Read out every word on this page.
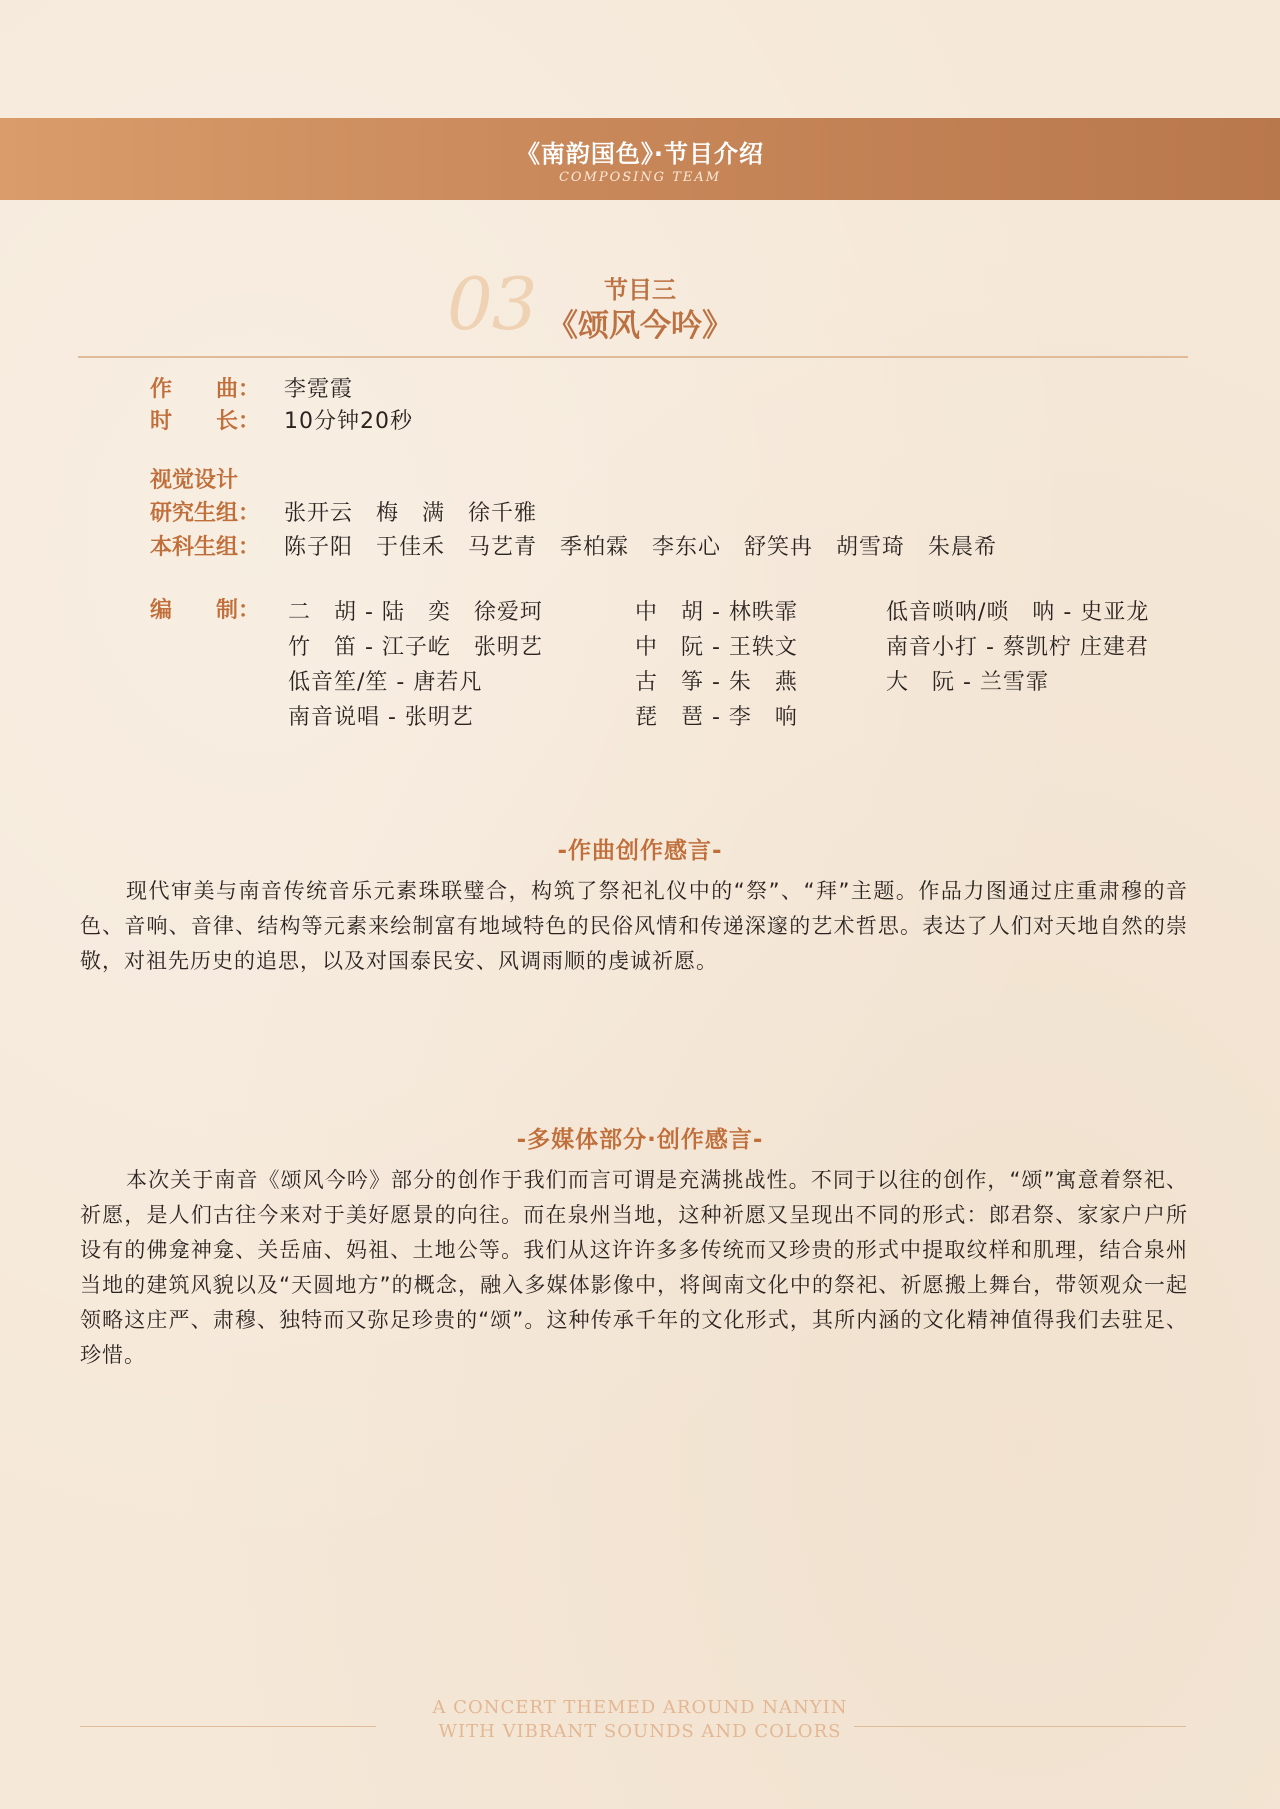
《南韵国色》·节目介绍
COMPOSING TEAM
03	节目三
《颂风今吟》
作　　曲： 李霓霞
时　　长： 10分钟20秒
视觉设计
研究生组： 张开云　梅　满　徐千雅
本科生组： 陈子阳　于佳禾　马艺青　季柏霖　李东心　舒笑冉　胡雪琦　朱晨希
编　　制：	二　胡 - 陆　奕　徐爱珂
竹　笛 - 江子屹　张明艺
低音笙/笙 - 唐若凡
南音说唱 - 张明艺
中　胡 - 林昳霏
中　阮 - 王轶文
古　筝 - 朱　燕
琵　琶 - 李　响
低音唢呐/唢　呐 - 史亚龙
南音小打 - 蔡凯柠 庄建君
大　阮 - 兰雪霏
-作曲创作感言-

现代审美与南音传统音乐元素珠联璧合，构筑了祭祀礼仪中的“祭”、“拜”主题。作品力图通过庄重肃穆的音色、音响、音律、结构等元素来绘制富有地域特色的民俗风情和传递深邃的艺术哲思。表达了人们对天地自然的崇敬，对祖先历史的追思，以及对国泰民安、风调雨顺的虔诚祈愿。

-多媒体部分·创作感言-

本次关于南音《颂风今吟》部分的创作于我们而言可谓是充满挑战性。不同于以往的创作，“颂”寓意着祭祀、祈愿，是人们古往今来对于美好愿景的向往。而在泉州当地，这种祈愿又呈现出不同的形式：郎君祭、家家户户所设有的佛龛神龛、关岳庙、妈祖、土地公等。我们从这许许多多传统而又珍贵的形式中提取纹样和肌理，结合泉州当地的建筑风貌以及“天圆地方”的概念，融入多媒体影像中，将闽南文化中的祭祀、祈愿搬上舞台，带领观众一起领略这庄严、肃穆、独特而又弥足珍贵的“颂”。这种传承千年的文化形式，其所内涵的文化精神值得我们去驻足、珍惜。

A CONCERT THEMED AROUND NANYIN
WITH VIBRANT SOUNDS AND COLORS
